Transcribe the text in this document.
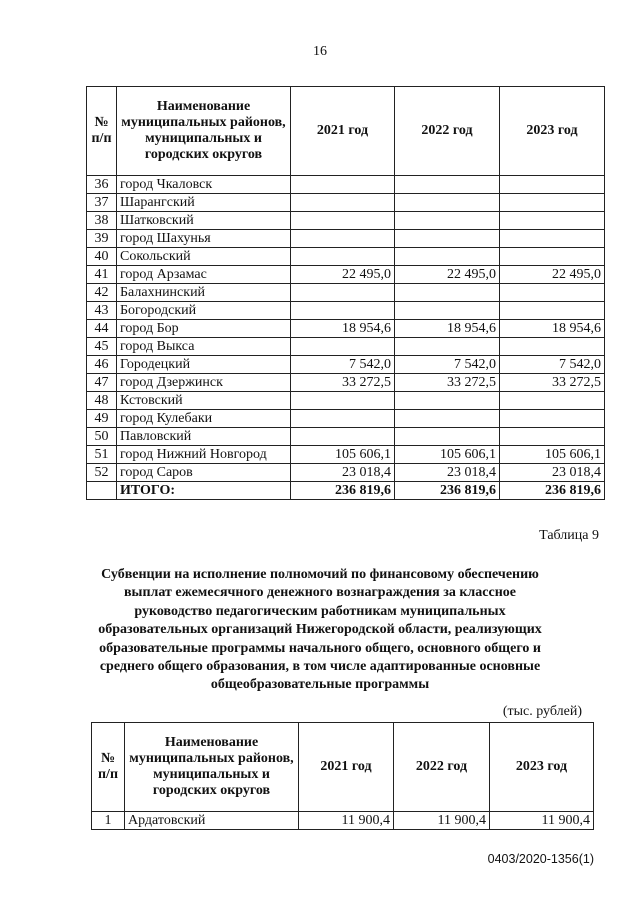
16
№ п/п	Наименование муниципальных районов, муниципальных и городских округов	2021 год	2022 год	2023 год
36	город Чкаловск			
37	Шарангский			
38	Шатковский			
39	город Шахунья			
40	Сокольский			
41	город Арзамас	22 495,0	22 495,0	22 495,0
42	Балахнинский			
43	Богородский			
44	город Бор	18 954,6	18 954,6	18 954,6
45	город Выкса			
46	Городецкий	7 542,0	7 542,0	7 542,0
47	город Дзержинск	33 272,5	33 272,5	33 272,5
48	Кстовский			
49	город Кулебаки			
50	Павловский			
51	город Нижний Новгород	105 606,1	105 606,1	105 606,1
52	город Саров	23 018,4	23 018,4	23 018,4
	ИТОГО:	236 819,6	236 819,6	236 819,6
Таблица 9
Субвенции на исполнение полномочий по финансовому обеспечению выплат ежемесячного денежного вознаграждения за классное руководство педагогическим работникам муниципальных образовательных организаций Нижегородской области, реализующих образовательные программы начального общего, основного общего и среднего общего образования, в том числе адаптированные основные общеобразовательные программы
(тыс. рублей)
№ п/п	Наименование муниципальных районов, муниципальных и городских округов	2021 год	2022 год	2023 год
1	Ардатовский	11 900,4	11 900,4	11 900,4
0403/2020-1356(1)
